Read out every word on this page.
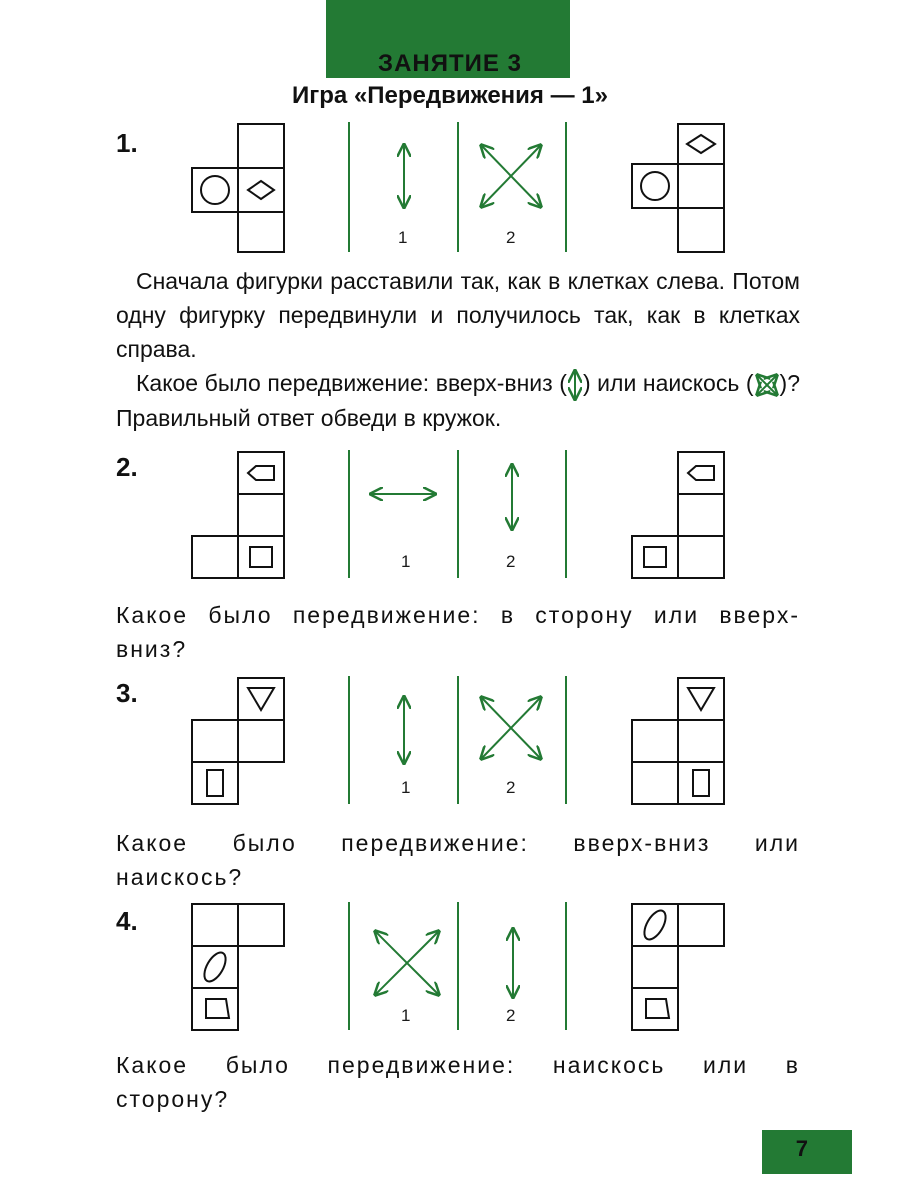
ЗАНЯТИЕ 3
Игра «Передвижения — 1»
1.
1	2

Сначала фигурки расставили так, как в клетках слева. Потом одну фигурку передвинули и получилось так, как в клетках справа.

Какое было передвижение: вверх-вниз ( ) или наискось ( )? Правильный ответ обведи в кружок.

2.
1	2

Какое было передвижение: в сторону или вверх-вниз?

3.
1	2

Какое было передвижение: вверх-вниз или наискось?

4.
1	2

Какое было передвижение: наискось или в сторону?

7
